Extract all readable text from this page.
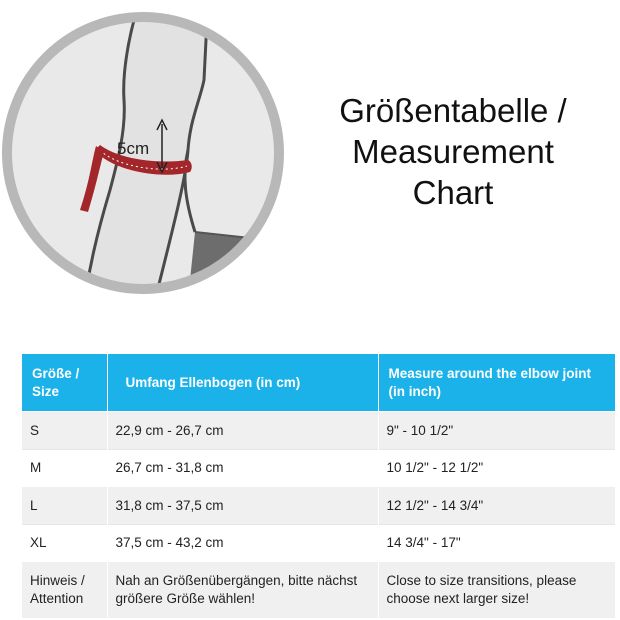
5cm
Größentabelle /
Measurement
Chart
Größe / Size	Umfang Ellenbogen (in cm)	Measure around the elbow joint (in inch)
S	22,9 cm - 26,7 cm	9" - 10 1/2"
M	26,7 cm - 31,8 cm	10 1/2" - 12 1/2"
L	31,8 cm - 37,5 cm	12 1/2" - 14 3/4"
XL	37,5 cm - 43,2 cm	14 3/4" - 17"
Hinweis / Attention	Nah an Größenübergängen, bitte nächst größere Größe wählen!	Close to size transitions, please choose next larger size!
